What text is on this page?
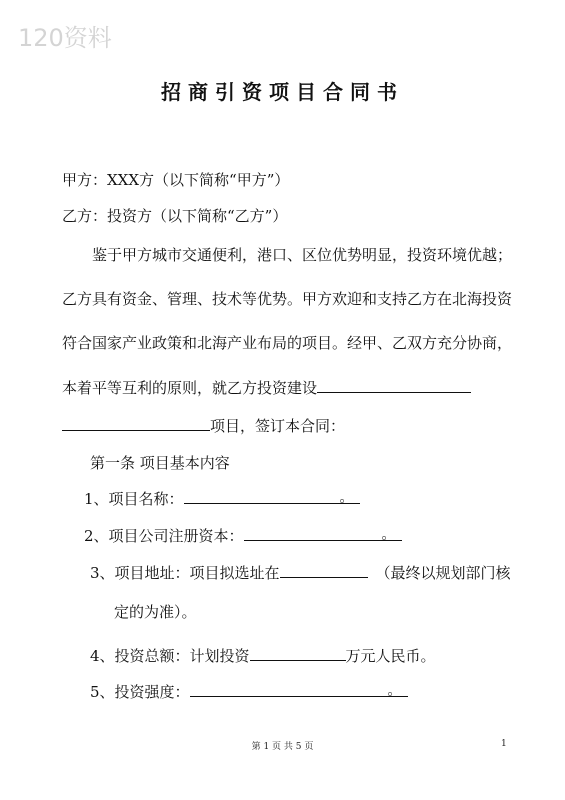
120资料
招商引资项目合同书
甲方：XXX方（以下简称“甲方”）
乙方：投资方（以下简称“乙方”）
鉴于甲方城市交通便利，港口、区位优势明显，投资环境优越；
乙方具有资金、管理、技术等优势。甲方欢迎和支持乙方在北海投资
符合国家产业政策和北海产业布局的项目。经甲、乙双方充分协商，
本着平等互利的原则，就乙方投资建设
项目，签订本合同：
第一条 项目基本内容
1、项目名称：	。
2、项目公司注册资本：	。
3、项目地址：项目拟选址在	（最终以规划部门核
定的为准）。
4、投资总额：计划投资	万元人民币。
5、投资强度：	。
第 1 页 共 5 页	1
